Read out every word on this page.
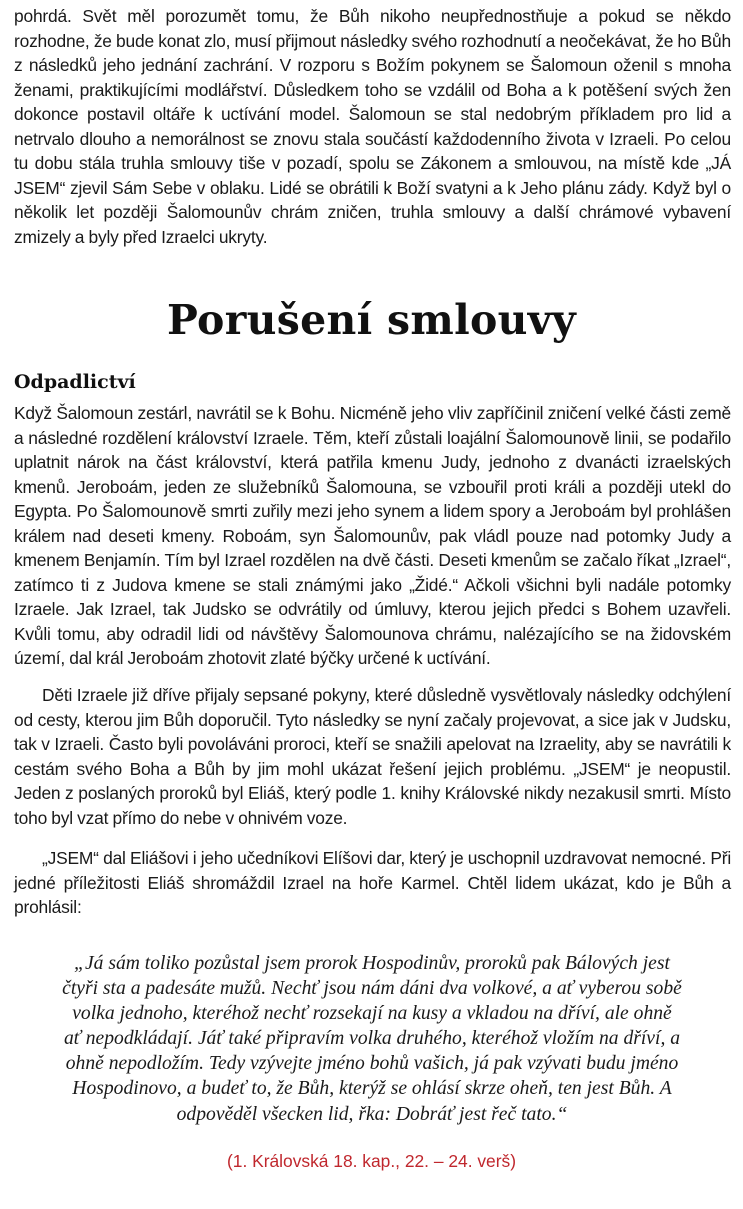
pohrdá. Svět měl porozumět tomu, že Bůh nikoho neupřednostňuje a pokud se někdo rozhodne, že bude konat zlo, musí přijmout následky svého rozhodnutí a neočekávat, že ho Bůh z následků jeho jednání zachrání. V rozporu s Božím pokynem se Šalomoun oženil s mnoha ženami, praktikujícími modlářství. Důsledkem toho se vzdálil od Boha a k potěšení svých žen dokonce postavil oltáře k uctívání model. Šalomoun se stal nedobrým příkladem pro lid a netrvalo dlouho a nemorálnost se znovu stala součástí každodenního života v Izraeli. Po celou tu dobu stála truhla smlouvy tiše v pozadí, spolu se Zákonem a smlouvou, na místě kde „JÁ JSEM“ zjevil Sám Sebe v oblaku. Lidé se obrátili k Boží svatyni a k Jeho plánu zády. Když byl o několik let později Šalomounův chrám zničen, truhla smlouvy a další chrámové vybavení zmizely a byly před Izraelci ukryty.

Porušení smlouvy
Odpadlictví

Když Šalomoun zestárl, navrátil se k Bohu. Nicméně jeho vliv zapříčinil zničení velké části země a následné rozdělení království Izraele. Těm, kteří zůstali loajální Šalomounově linii, se podařilo uplatnit nárok na část království, která patřila kmenu Judy, jednoho z dvanácti izraelských kmenů. Jeroboám, jeden ze služebníků Šalomouna, se vzbouřil proti králi a později utekl do Egypta. Po Šalomounově smrti zuřily mezi jeho synem a lidem spory a Jeroboám byl prohlášen králem nad deseti kmeny. Roboám, syn Šalomounův, pak vládl pouze nad potomky Judy a kmenem Benjamín. Tím byl Izrael rozdělen na dvě části. Deseti kmenům se začalo říkat „Izrael“, zatímco ti z Judova kmene se stali známými jako „Židé.“ Ačkoli všichni byli nadále potomky Izraele. Jak Izrael, tak Judsko se odvrátily od úmluvy, kterou jejich předci s Bohem uzavřeli. Kvůli tomu, aby odradil lidi od návštěvy Šalomounova chrámu, nalézajícího se na židovském území, dal král Jeroboám zhotovit zlaté býčky určené k uctívání.

Děti Izraele již dříve přijaly sepsané pokyny, které důsledně vysvětlovaly následky odchýlení od cesty, kterou jim Bůh doporučil. Tyto následky se nyní začaly projevovat, a sice jak v Judsku, tak v Izraeli. Často byli povoláváni proroci, kteří se snažili apelovat na Izraelity, aby se navrátili k cestám svého Boha a Bůh by jim mohl ukázat řešení jejich problému. „JSEM“ je neopustil. Jeden z poslaných proroků byl Eliáš, který podle 1. knihy Královské nikdy nezakusil smrti. Místo toho byl vzat přímo do nebe v ohnivém voze.

„JSEM“ dal Eliášovi i jeho učedníkovi Elíšovi dar, který je uschopnil uzdravovat nemocné. Při jedné příležitosti Eliáš shromáždil Izrael na hoře Karmel. Chtěl lidem ukázat, kdo je Bůh a prohlásil:

„Já sám toliko pozůstal jsem prorok Hospodinův, proroků pak Bálových jest čtyři sta a padesáte mužů. Nechť jsou nám dáni dva volkové, a ať vyberou sobě volka jednoho, kteréhož nechť rozsekají na kusy a vkladou na dříví, ale ohně ať nepodkládají. Jáť také připravím volka druhého, kteréhož vložím na dříví, a ohně nepodložím. Tedy vzývejte jméno bohů vašich, já pak vzývati budu jméno Hospodinovo, a budeť to, že Bůh, kterýž se ohlásí skrze oheň, ten jest Bůh. A odpověděl všecken lid, řka: Dobráť jest řeč tato.“

(1. Královská 18. kap., 22. – 24. verš)
